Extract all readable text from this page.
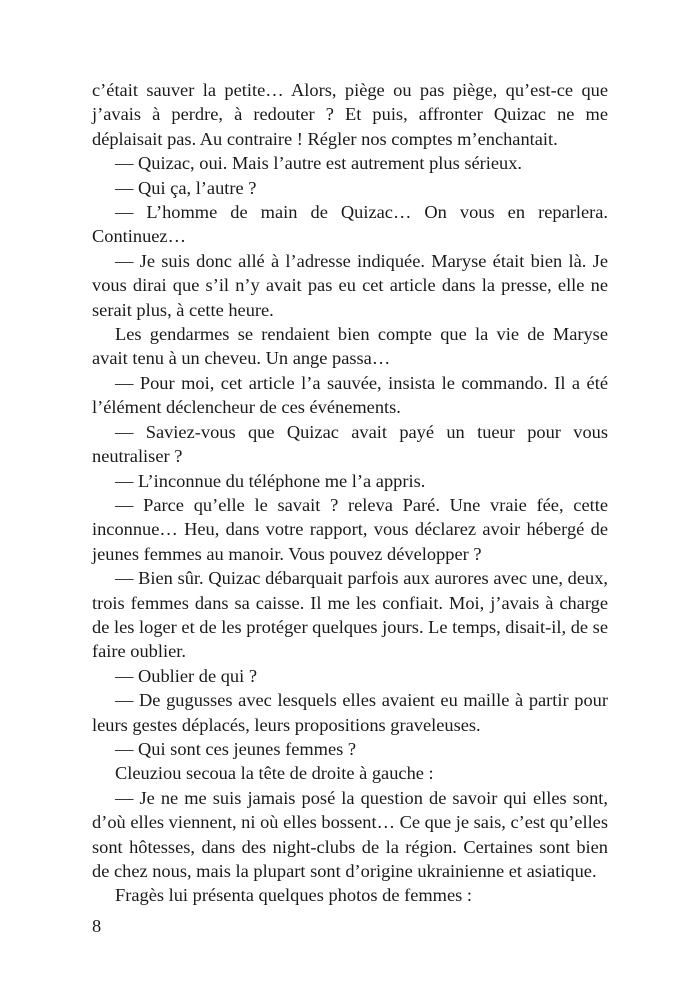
c’était sauver la petite… Alors, piège ou pas piège, qu’est-ce que j’avais à perdre, à redouter ? Et puis, affronter Quizac ne me déplaisait pas. Au contraire ! Régler nos comptes m’enchantait.

— Quizac, oui. Mais l’autre est autrement plus sérieux.

— Qui ça, l’autre ?

— L’homme de main de Quizac… On vous en reparlera. Continuez…

— Je suis donc allé à l’adresse indiquée. Maryse était bien là. Je vous dirai que s’il n’y avait pas eu cet article dans la presse, elle ne serait plus, à cette heure.

Les gendarmes se rendaient bien compte que la vie de Maryse avait tenu à un cheveu. Un ange passa…

— Pour moi, cet article l’a sauvée, insista le commando. Il a été l’élément déclencheur de ces événements.

— Saviez-vous que Quizac avait payé un tueur pour vous neutraliser ?

— L’inconnue du téléphone me l’a appris.

— Parce qu’elle le savait ? releva Paré. Une vraie fée, cette inconnue… Heu, dans votre rapport, vous déclarez avoir hébergé de jeunes femmes au manoir. Vous pouvez développer ?

— Bien sûr. Quizac débarquait parfois aux aurores avec une, deux, trois femmes dans sa caisse. Il me les confiait. Moi, j’avais à charge de les loger et de les protéger quelques jours. Le temps, disait-il, de se faire oublier.

— Oublier de qui ?

— De gugusses avec lesquels elles avaient eu maille à partir pour leurs gestes déplacés, leurs propositions graveleuses.

— Qui sont ces jeunes femmes ?

Cleuziou secoua la tête de droite à gauche :

— Je ne me suis jamais posé la question de savoir qui elles sont, d’où elles viennent, ni où elles bossent… Ce que je sais, c’est qu’elles sont hôtesses, dans des night-clubs de la région. Certaines sont bien de chez nous, mais la plupart sont d’origine ukrainienne et asiatique.

Fragès lui présenta quelques photos de femmes :

8
